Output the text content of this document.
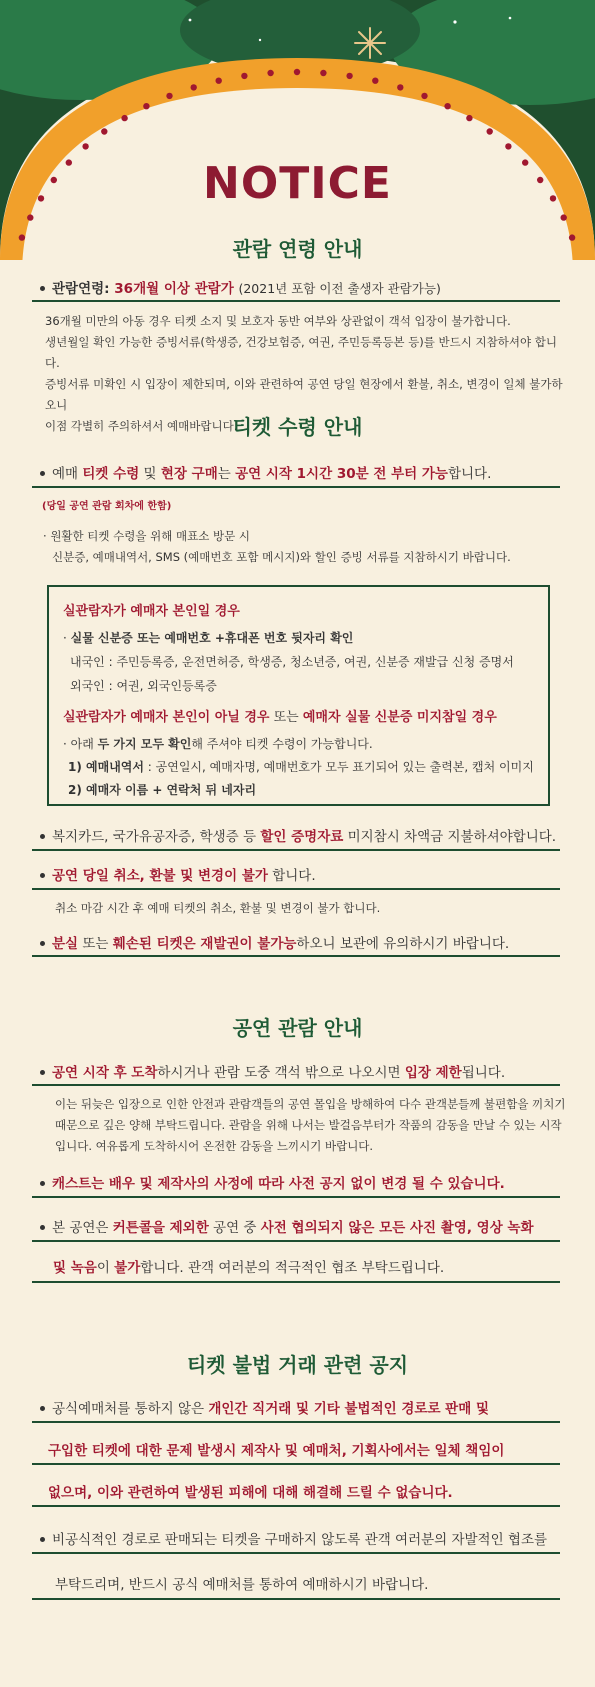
NOTICE
관람 연령 안내
관람연령: 36개월 이상 관람가 (2021년 포함 이전 출생자 관람가능)
36개월 미만의 아동 경우 티켓 소지 및 보호자 동반 여부와 상관없이 객석 입장이 불가합니다.
생년월일 확인 가능한 증빙서류(학생증, 건강보험증, 여권, 주민등록등본 등)를 반드시 지참하셔야 합니다.
증빙서류 미확인 시 입장이 제한되며, 이와 관련하여 공연 당일 현장에서 환불, 취소, 변경이 일체 불가하오니
이점 각별히 주의하셔서 예매바랍니다.
티켓 수령 안내
예매 티켓 수령 및 현장 구매는 공연 시작 1시간 30분 전 부터 가능합니다.
(당일 공연 관람 회차에 한함)
· 원활한 티켓 수령을 위해 매표소 방문 시
신분증, 예매내역서, SMS (예매번호 포함 메시지)와 할인 증빙 서류를 지참하시기 바랍니다.
실관람자가 예매자 본인일 경우
· 실물 신분증 또는 예매번호 +휴대폰 번호 뒷자리 확인
내국인 : 주민등록증, 운전면허증, 학생증, 청소년증, 여권, 신분증 재발급 신청 증명서
외국인 : 여권, 외국인등록증
실관람자가 예매자 본인이 아닐 경우 또는 예매자 실물 신분증 미지참일 경우
· 아래 두 가지 모두 확인해 주셔야 티켓 수령이 가능합니다.
1) 예매내역서 : 공연일시, 예매자명, 예매번호가 모두 표기되어 있는 출력본, 캡처 이미지
2) 예매자 이름 + 연락처 뒤 네자리
복지카드, 국가유공자증, 학생증 등 할인 증명자료 미지참시 차액금 지불하셔야합니다.
공연 당일 취소, 환불 및 변경이 불가 합니다.
취소 마감 시간 후 예매 티켓의 취소, 환불 및 변경이 불가 합니다.
분실 또는 훼손된 티켓은 재발권이 불가능하오니 보관에 유의하시기 바랍니다.
공연 관람 안내
공연 시작 후 도착하시거나 관람 도중 객석 밖으로 나오시면 입장 제한됩니다.
이는 뒤늦은 입장으로 인한 안전과 관람객들의 공연 몰입을 방해하여 다수 관객분들께 불편함을 끼치기
때문으로 깊은 양해 부탁드립니다. 관람을 위해 나서는 발걸음부터가 작품의 감동을 만날 수 있는 시작
입니다. 여유롭게 도착하시어 온전한 감동을 느끼시기 바랍니다.
캐스트는 배우 및 제작사의 사정에 따라 사전 공지 없이 변경 될 수 있습니다.
본 공연은 커튼콜을 제외한 공연 중 사전 협의되지 않은 모든 사진 촬영, 영상 녹화
및 녹음이 불가합니다. 관객 여러분의 적극적인 협조 부탁드립니다.
티켓 불법 거래 관련 공지
공식예매처를 통하지 않은 개인간 직거래 및 기타 불법적인 경로로 판매 및
구입한 티켓에 대한 문제 발생시 제작사 및 예매처, 기획사에서는 일체 책임이
없으며, 이와 관련하여 발생된 피해에 대해 해결해 드릴 수 없습니다.
비공식적인 경로로 판매되는 티켓을 구매하지 않도록 관객 여러분의 자발적인 협조를
부탁드리며, 반드시 공식 예매처를 통하여 예매하시기 바랍니다.
